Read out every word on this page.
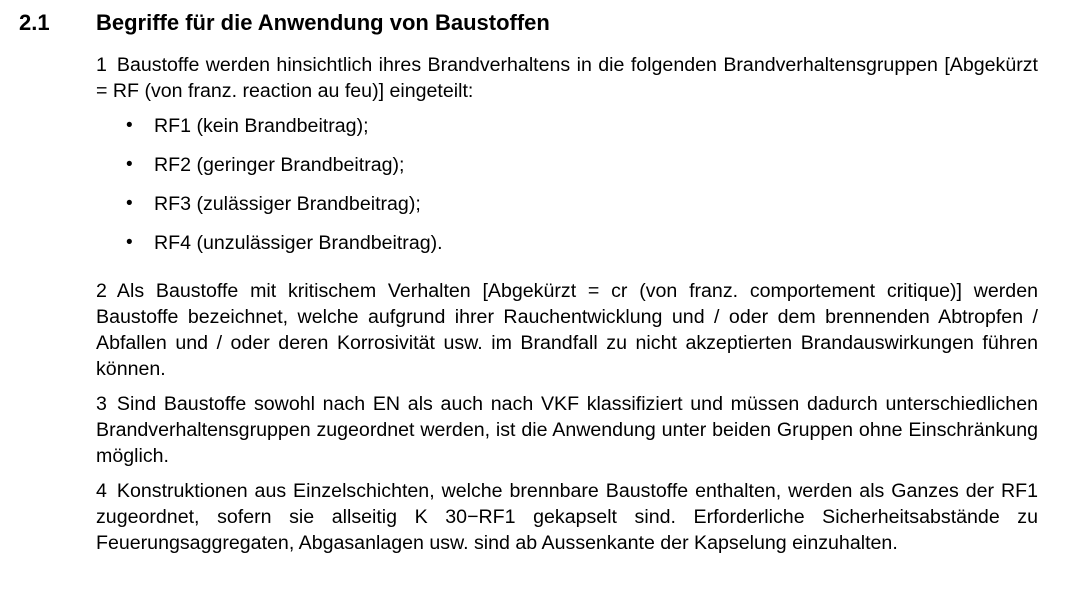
2.1	Begriffe für die Anwendung von Baustoffen

1 Baustoffe werden hinsichtlich ihres Brandverhaltens in die folgenden Brandverhaltensgruppen [Abgekürzt = RF (von franz. reaction au feu)] eingeteilt:

• RF1 (kein Brandbeitrag);
• RF2 (geringer Brandbeitrag);
• RF3 (zulässiger Brandbeitrag);
• RF4 (unzulässiger Brandbeitrag).

2 Als Baustoffe mit kritischem Verhalten [Abgekürzt = cr (von franz. comportement critique)] werden Baustoffe bezeichnet, welche aufgrund ihrer Rauchentwicklung und / oder dem brennenden Abtropfen / Abfallen und / oder deren Korrosivität usw. im Brandfall zu nicht akzeptierten Brandauswirkungen führen können.

3 Sind Baustoffe sowohl nach EN als auch nach VKF klassifiziert und müssen dadurch unterschiedlichen Brandverhaltensgruppen zugeordnet werden, ist die Anwendung unter beiden Gruppen ohne Einschränkung möglich.

4 Konstruktionen aus Einzelschichten, welche brennbare Baustoffe enthalten, werden als Ganzes der RF1 zugeordnet, sofern sie allseitig K 30−RF1 gekapselt sind. Erforderliche Sicherheitsabstände zu Feuerungsaggregaten, Abgasanlagen usw. sind ab Aussenkante der Kapselung einzuhalten.
